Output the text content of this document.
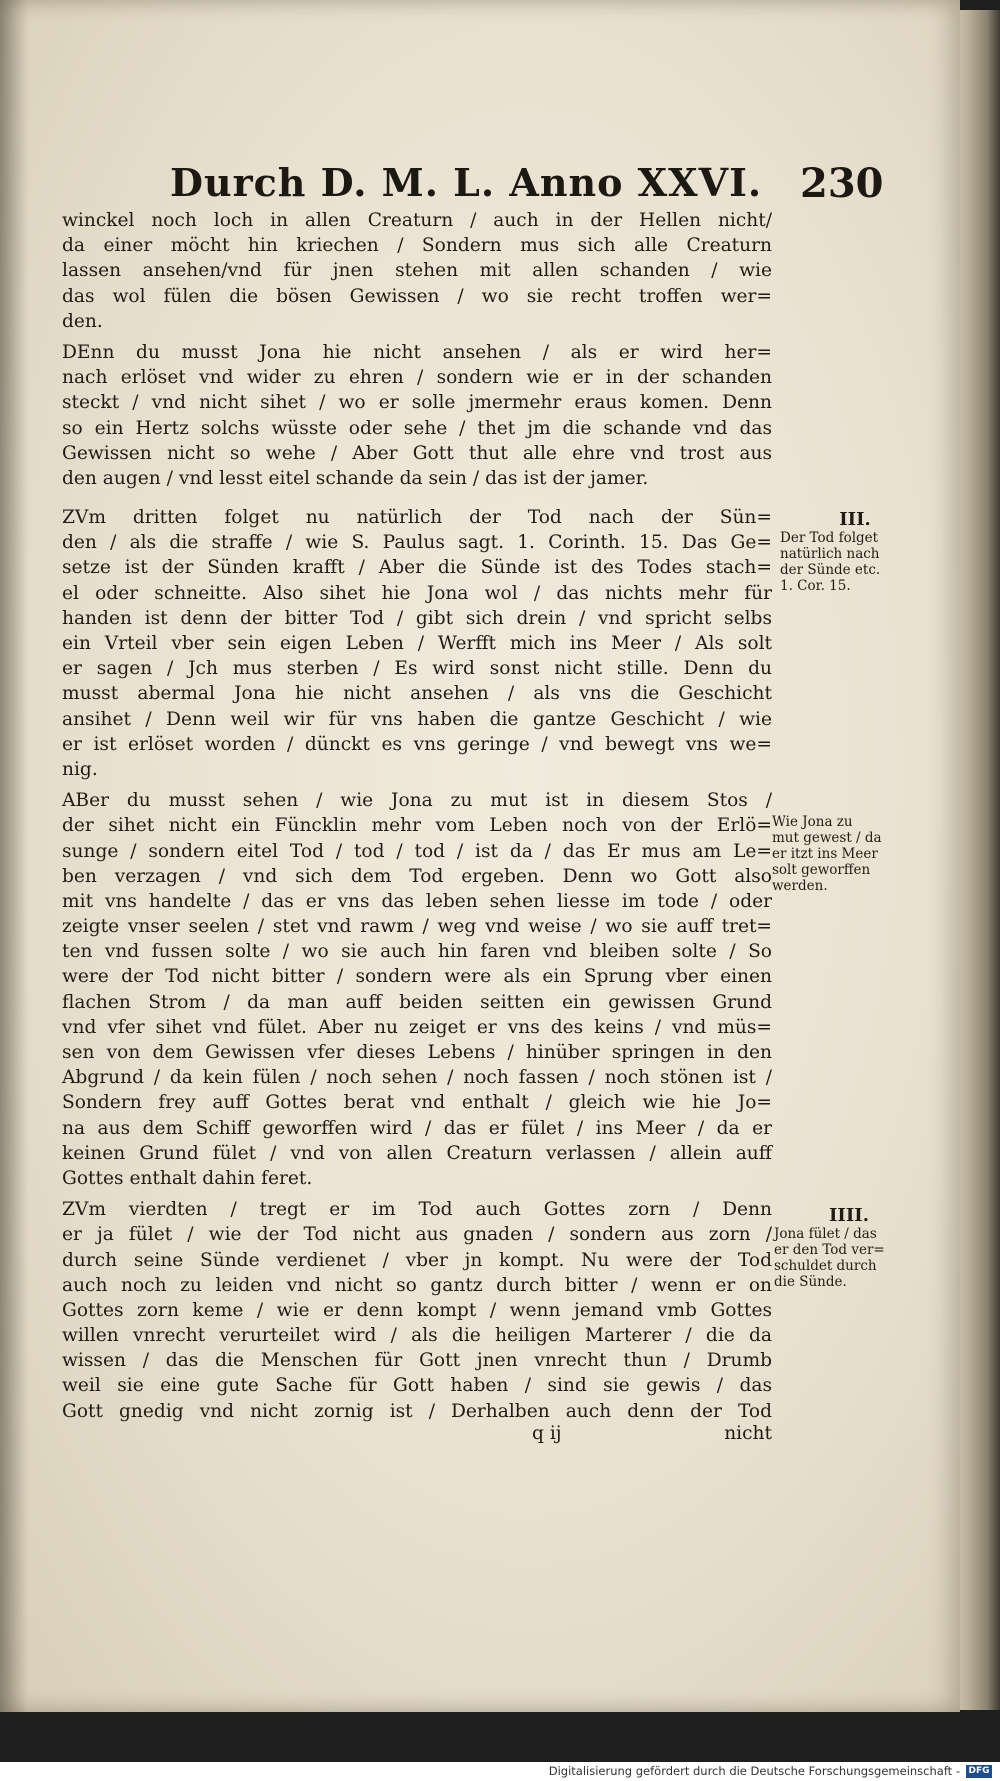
Durch D. M. L. Anno XXVI. 230
winckel noch loch in allen Creaturn / auch in der Hellen nicht/
da einer möcht hin kriechen / Sondern mus sich alle Creaturn
lassen ansehen/vnd für jnen stehen mit allen schanden / wie
das wol fülen die bösen Gewissen / wo sie recht troffen wer=
den.
DEnn du musst Jona hie nicht ansehen / als er wird her=
nach erlöset vnd wider zu ehren / sondern wie er in der schanden
steckt / vnd nicht sihet / wo er solle jmermehr eraus komen. Denn
so ein Hertz solchs wüsste oder sehe / thet jm die schande vnd das
Gewissen nicht so wehe / Aber Gott thut alle ehre vnd trost aus
den augen / vnd lesst eitel schande da sein / das ist der jamer.
ZVm dritten folget nu natürlich der Tod nach der Sün=
den / als die straffe / wie S. Paulus sagt. 1. Corinth. 15. Das Ge=
setze ist der Sünden krafft / Aber die Sünde ist des Todes stach=
el oder schneitte. Also sihet hie Jona wol / das nichts mehr für
handen ist denn der bitter Tod / gibt sich drein / vnd spricht selbs
ein Vrteil vber sein eigen Leben / Werfft mich ins Meer / Als solt
er sagen / Jch mus sterben / Es wird sonst nicht stille. Denn du
musst abermal Jona hie nicht ansehen / als vns die Geschicht
ansihet / Denn weil wir für vns haben die gantze Geschicht / wie
er ist erlöset worden / dünckt es vns geringe / vnd bewegt vns we=
nig.
ABer du musst sehen / wie Jona zu mut ist in diesem Stos /
der sihet nicht ein Füncklin mehr vom Leben noch von der Erlö=
sunge / sondern eitel Tod / tod / tod / ist da / das Er mus am Le=
ben verzagen / vnd sich dem Tod ergeben. Denn wo Gott also
mit vns handelte / das er vns das leben sehen liesse im tode / oder
zeigte vnser seelen / stet vnd rawm / weg vnd weise / wo sie auff tret=
ten vnd fussen solte / wo sie auch hin faren vnd bleiben solte / So
were der Tod nicht bitter / sondern were als ein Sprung vber einen
flachen Strom / da man auff beiden seitten ein gewissen Grund
vnd vfer sihet vnd fület. Aber nu zeiget er vns des keins / vnd müs=
sen von dem Gewissen vfer dieses Lebens / hinüber springen in den
Abgrund / da kein fülen / noch sehen / noch fassen / noch stönen ist /
Sondern frey auff Gottes berat vnd enthalt / gleich wie hie Jo=
na aus dem Schiff geworffen wird / das er fület / ins Meer / da er
keinen Grund fület / vnd von allen Creaturn verlassen / allein auff
Gottes enthalt dahin feret.
ZVm vierdten / tregt er im Tod auch Gottes zorn / Denn
er ja fület / wie der Tod nicht aus gnaden / sondern aus zorn /
durch seine Sünde verdienet / vber jn kompt. Nu were der Tod
auch noch zu leiden vnd nicht so gantz durch bitter / wenn er on
Gottes zorn keme / wie er denn kompt / wenn jemand vmb Gottes
willen vnrecht verurteilet wird / als die heiligen Marterer / die da
wissen / das die Menschen für Gott jnen vnrecht thun / Drumb
weil sie eine gute Sache für Gott haben / sind sie gewis / das
Gott gnedig vnd nicht zornig ist / Derhalben auch denn der Tod
III.
Der Tod folget
natürlich nach
der Sünde etc.
1. Cor. 15.
Wie Jona zu
mut gewest / da
er itzt ins Meer
solt geworffen
werden.
IIII.
Jona fület / das
er den Tod ver=
schuldet durch
die Sünde.
q ij	nicht
Digitalisierung gefördert durch die Deutsche Forschungsgemeinschaft - DFG
